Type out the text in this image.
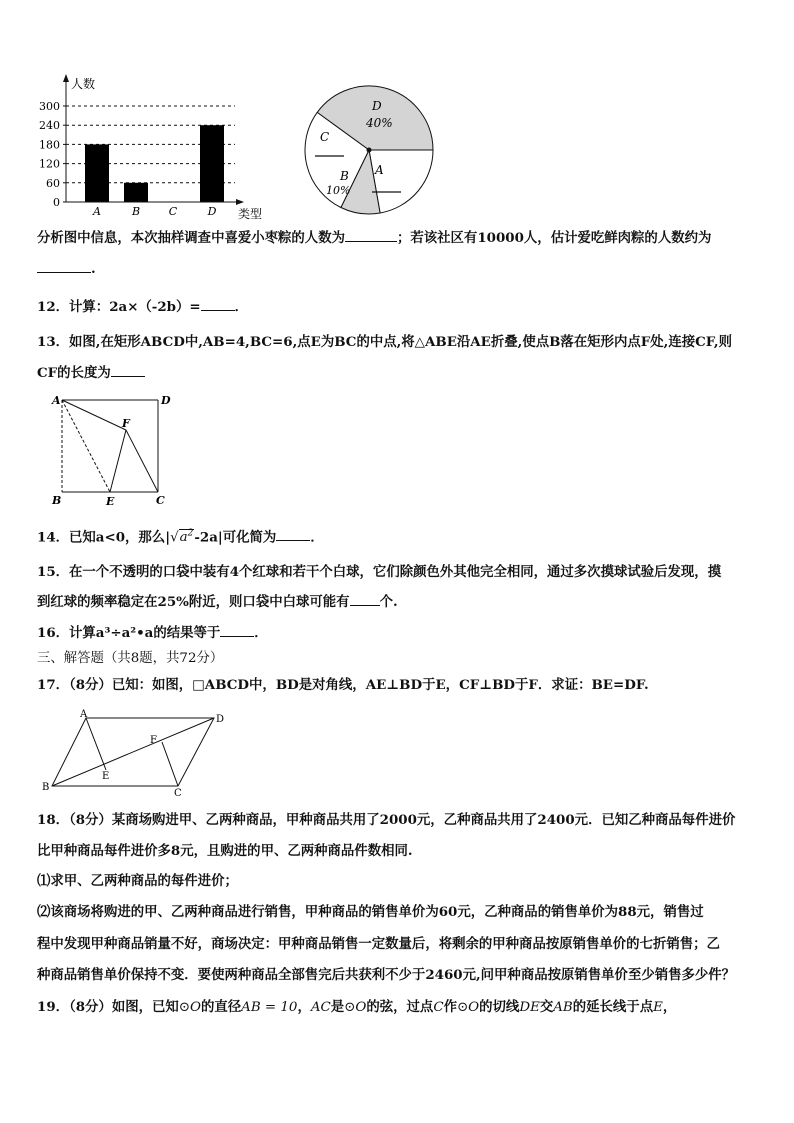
0
60
120
180
240
300
A	B	C	D
人数
类型
D
40%
A
B
10%
C
分析图中信息，本次抽样调查中喜爱小枣粽的人数为	；若该社区有10000人，估计爱吃鲜肉粽的人数约为
.
12．计算：2a×（-2b）=	．
13．如图,在矩形ABCD中,AB=4,BC=6,点E为BC的中点,将△ABE沿AE折叠,使点B落在矩形内点F处,连接CF,则
CF的长度为
A	D
F
B	E	C
14．已知a<0，那么$|√a^2-2a|$可化简为	．
15．在一个不透明的口袋中装有4个红球和若干个白球，它们除颜色外其他完全相同，通过多次摸球试验后发现，摸
到红球的频率稳定在25%附近，则口袋中白球可能有 个.
16．计算a³÷a²•a的结果等于	．
三、解答题（共8题，共72分）
17．（8分）已知：如图，□ABCD中，BD是对角线，AE⊥BD于E，CF⊥BD于F．求证：BE=DF.
A	D
F
E
B
C
18．（8分）某商场购进甲、乙两种商品，甲种商品共用了2000元，乙种商品共用了2400元．已知乙种商品每件进价
比甲种商品每件进价多8元，且购进的甲、乙两种商品件数相同.
⑴求甲、乙两种商品的每件进价；
⑵该商场将购进的甲、乙两种商品进行销售，甲种商品的销售单价为60元，乙种商品的销售单价为88元，销售过
程中发现甲种商品销量不好，商场决定：甲种商品销售一定数量后，将剩余的甲种商品按原销售单价的七折销售；乙
种商品销售单价保持不变．要使两种商品全部售完后共获利不少于2460元,问甲种商品按原销售单价至少销售多少件？
19．（8分）如图，已知⊙O的直径AB = 10，AC是⊙O的弦，过点C作⊙O的切线DE交AB的延长线于点E，
